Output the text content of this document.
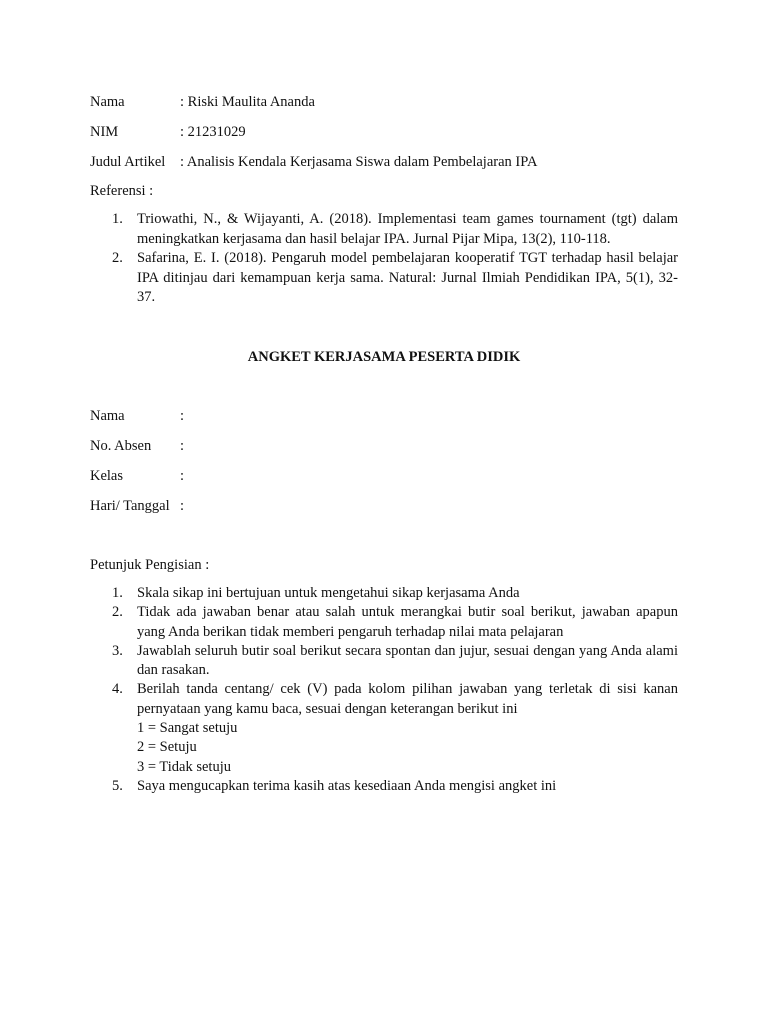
Nama	: Riski Maulita Ananda
NIM	: 21231029
Judul Artikel : Analisis Kendala Kerjasama Siswa dalam Pembelajaran IPA
Referensi :
1. Triowathi, N., & Wijayanti, A. (2018). Implementasi team games tournament (tgt) dalam meningkatkan kerjasama dan hasil belajar IPA. Jurnal Pijar Mipa, 13(2), 110-118.
2. Safarina, E. I. (2018). Pengaruh model pembelajaran kooperatif TGT terhadap hasil belajar IPA ditinjau dari kemampuan kerja sama. Natural: Jurnal Ilmiah Pendidikan IPA, 5(1), 32-37.
ANGKET KERJASAMA PESERTA DIDIK
Nama	:
No. Absen :
Kelas	:
Hari/ Tanggal :
Petunjuk Pengisian :
1. Skala sikap ini bertujuan untuk mengetahui sikap kerjasama Anda
2. Tidak ada jawaban benar atau salah untuk merangkai butir soal berikut, jawaban apapun yang Anda berikan tidak memberi pengaruh terhadap nilai mata pelajaran
3. Jawablah seluruh butir soal berikut secara spontan dan jujur, sesuai dengan yang Anda alami dan rasakan.
4. Berilah tanda centang/ cek (V) pada kolom pilihan jawaban yang terletak di sisi kanan pernyataan yang kamu baca, sesuai dengan keterangan berikut ini
1 = Sangat setuju
2 = Setuju
3 = Tidak setuju
5. Saya mengucapkan terima kasih atas kesediaan Anda mengisi angket ini
